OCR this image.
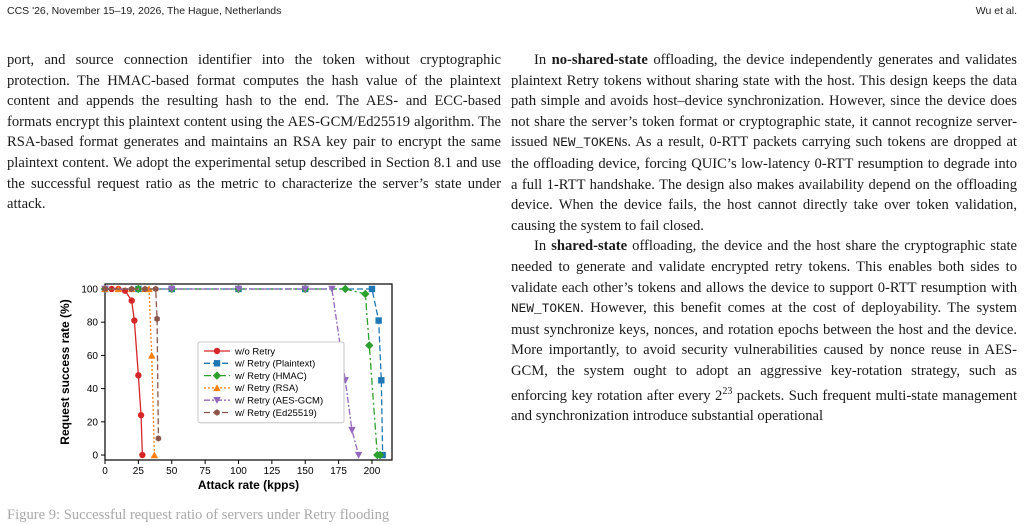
CCS '26, November 15–19, 2026, The Hague, Netherlands	Wu et al.

port, and source connection identifier into the token without cryptographic protection. The HMAC-based format computes the hash value of the plaintext content and appends the resulting hash to the end. The AES- and ECC-based formats encrypt this plaintext content using the AES-GCM/Ed25519 algorithm. The RSA-based format generates and maintains an RSA key pair to encrypt the same plaintext content. We adopt the experimental setup described in Section 8.1 and use the successful request ratio as the metric to characterize the server’s state under attack.

0	25 50 75 100 125 150 175 200
0
20
40
60
80
100
Attack rate (kpps)
Request success rate (%)	w/o Retry
w/ Retry (Plaintext)
w/ Retry (HMAC)
w/ Retry (RSA)
w/ Retry (AES-GCM)
w/ Retry (Ed25519)

In no-shared-state offloading, the device independently generates and validates plaintext Retry tokens without sharing state with the host. This design keeps the data path simple and avoids host–device synchronization. However, since the device does not share the server’s token format or cryptographic state, it cannot recognize server-issued NEW_TOKENs. As a result, 0-RTT packets carrying such tokens are dropped at the offloading device, forcing QUIC’s low-latency 0-RTT resumption to degrade into a full 1-RTT handshake. The design also makes availability depend on the offloading device. When the device fails, the host cannot directly take over token validation, causing the system to fail closed.

In shared-state offloading, the device and the host share the cryptographic state needed to generate and validate encrypted retry tokens. This enables both sides to validate each other’s tokens and allows the device to support 0-RTT resumption with NEW_TOKEN. However, this benefit comes at the cost of deployability. The system must synchronize keys, nonces, and rotation epochs between the host and the device. More importantly, to avoid security vulnerabilities caused by nonce reuse in AES-GCM, the system ought to adopt an aggressive key-rotation strategy, such as enforcing key rotation after every $2^{23}$ packets. Such frequent multi-state management and synchronization introduce substantial operational

Figure 9: Successful request ratio of servers under Retry flooding
